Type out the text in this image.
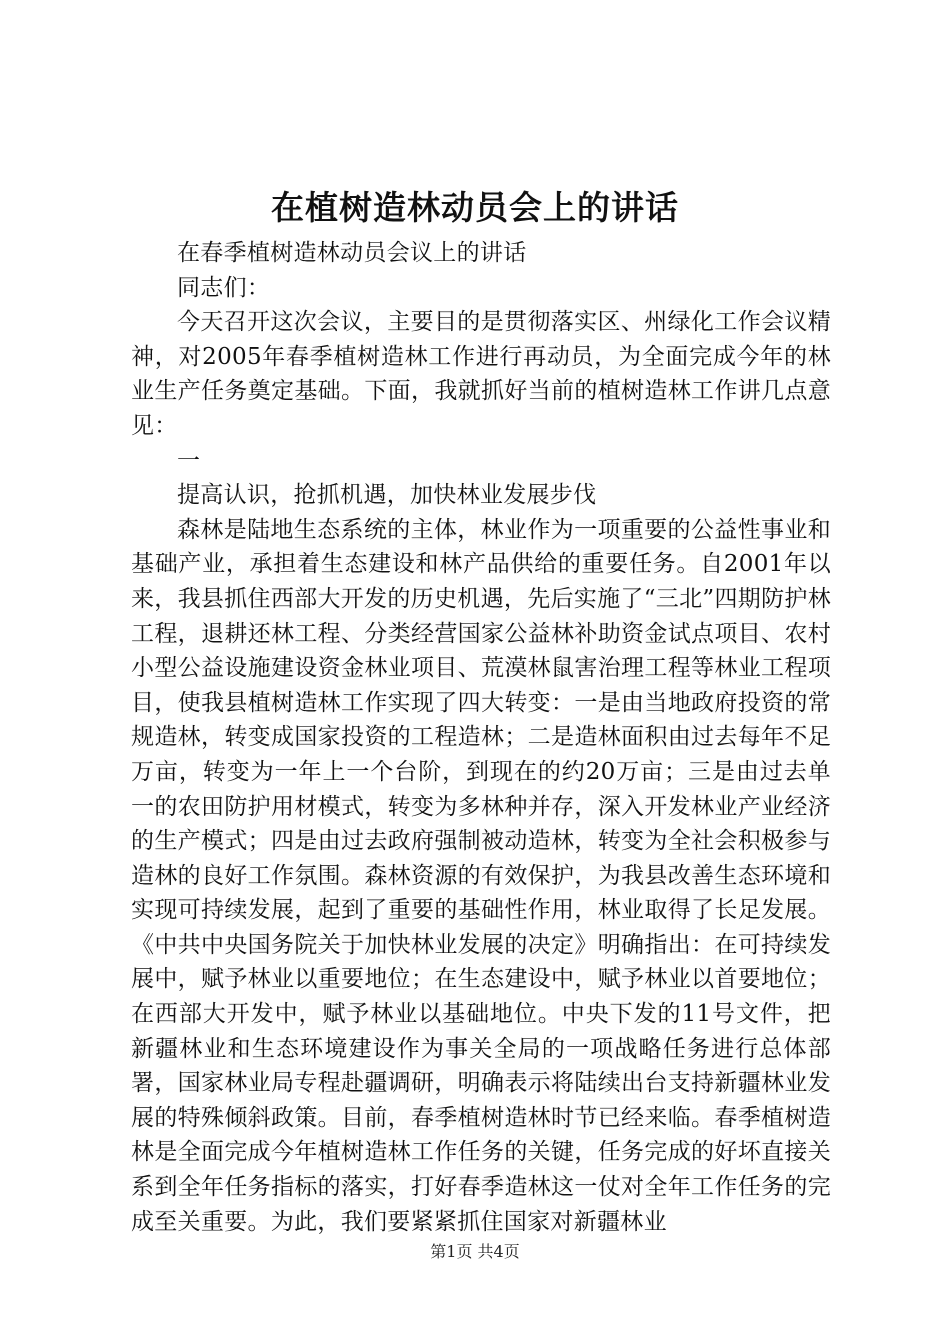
在植树造林动员会上的讲话

在春季植树造林动员会议上的讲话

同志们：

今天召开这次会议，主要目的是贯彻落实区、州绿化工作会议精神，对2005年春季植树造林工作进行再动员，为全面完成今年的林业生产任务奠定基础。下面，我就抓好当前的植树造林工作讲几点意见：

一

提高认识，抢抓机遇，加快林业发展步伐

森林是陆地生态系统的主体，林业作为一项重要的公益性事业和基础产业，承担着生态建设和林产品供给的重要任务。自2001年以来，我县抓住西部大开发的历史机遇，先后实施了“三北”四期防护林工程，退耕还林工程、分类经营国家公益林补助资金试点项目、农村小型公益设施建设资金林业项目、荒漠林鼠害治理工程等林业工程项目，使我县植树造林工作实现了四大转变：一是由当地政府投资的常规造林，转变成国家投资的工程造林；二是造林面积由过去每年不足万亩，转变为一年上一个台阶，到现在的约20万亩；三是由过去单一的农田防护用材模式，转变为多林种并存，深入开发林业产业经济的生产模式；四是由过去政府强制被动造林，转变为全社会积极参与造林的良好工作氛围。森林资源的有效保护，为我县改善生态环境和实现可持续发展，起到了重要的基础性作用，林业取得了长足发展。《中共中央国务院关于加快林业发展的决定》明确指出：在可持续发展中，赋予林业以重要地位；在生态建设中，赋予林业以首要地位；在西部大开发中，赋予林业以基础地位。中央下发的11号文件，把新疆林业和生态环境建设作为事关全局的一项战略任务进行总体部署，国家林业局专程赴疆调研，明确表示将陆续出台支持新疆林业发展的特殊倾斜政策。目前，春季植树造林时节已经来临。春季植树造林是全面完成今年植树造林工作任务的关键，任务完成的好坏直接关系到全年任务指标的落实，打好春季造林这一仗对全年工作任务的完成至关重要。为此，我们要紧紧抓住国家对新疆林业

第1页 共4页
